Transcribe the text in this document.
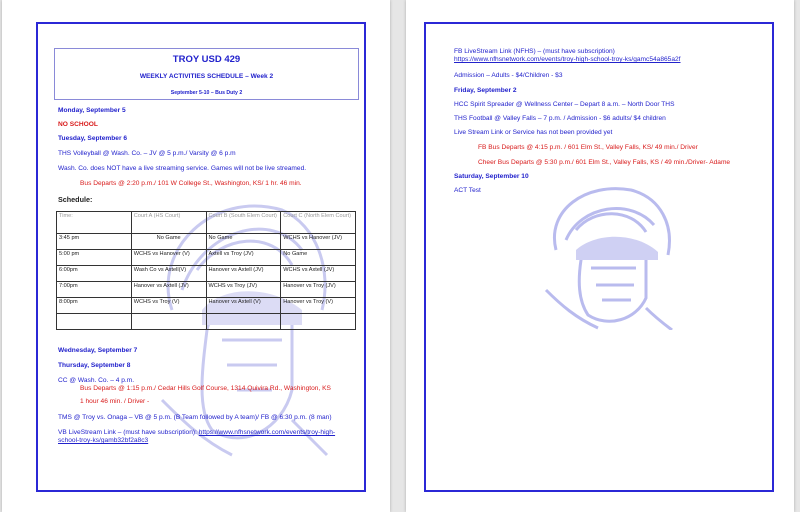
TROY USD 429
WEEKLY ACTIVITIES SCHEDULE – Week 2
September 5-10 – Bus Duty 2
Monday, September 5
NO SCHOOL
Tuesday, September 6
THS Volleyball @ Wash. Co. – JV @ 5 p.m./ Varsity @ 6 p.m
Wash. Co. does NOT have a live streaming service. Games will not be live streamed.
Bus Departs @ 2:20 p.m./ 101 W College St., Washington, KS/ 1 hr. 46 min.
Schedule:
Time:	Court A (HS Court)	Court B (South Elem Court)	Court C (North Elem Court)
3:45 pm	No Game	No Game	WCHS vs Hanover (JV)
5:00 pm	WCHS vs Hanover (V)	Axtell vs Troy (JV)	No Game
6:00pm	Wash Co vs Axtell(V)	Hanover vs Axtell (JV)	WCHS vs Axtell (JV)
7:00pm	Hanover vs Axtell (JV)	WCHS vs Troy (JV)	Hanover vs Troy (JV)
8:00pm	WCHS vs Troy (V)	Hanover vs Axtell (V)	Hanover vs Troy (V)

Wednesday, September 7
Thursday, September 8
CC @ Wash. Co. – 4 p.m.
Bus Departs @ 1:15 p.m./ Cedar Hills Golf Course, 1314 Quivira Rd., Washington, KS
1 hour 46 min. / Driver -
TMS @ Troy vs. Onaga – VB @ 5 p.m. (B Team followed by A team)/ FB @ 6:30 p.m. (8 man)
VB LiveStream Link – (must have subscription): https://www.nfhsnetwork.com/events/troy-high-
school-troy-ks/gamb32bf2a8c3
FB LiveStream Link (NFHS) – (must have subscription)
https://www.nfhsnetwork.com/events/troy-high-school-troy-ks/gamc54a865a2f
Admission – Adults - $4/Children - $3
Friday, September 2
HCC Spirit Spreader @ Wellness Center – Depart 8 a.m. – North Door THS
THS Football @ Valley Falls – 7 p.m. / Admission - $6 adults/ $4 children
Live Stream Link or Service has not been provided yet
FB Bus Departs @ 4:15 p.m. / 601 Elm St., Valley Falls, KS/ 49 min./ Driver
Cheer Bus Departs @ 5:30 p.m./ 601 Elm St., Valley Falls, KS / 49 min./Driver- Adame
Saturday, September 10
ACT Test
